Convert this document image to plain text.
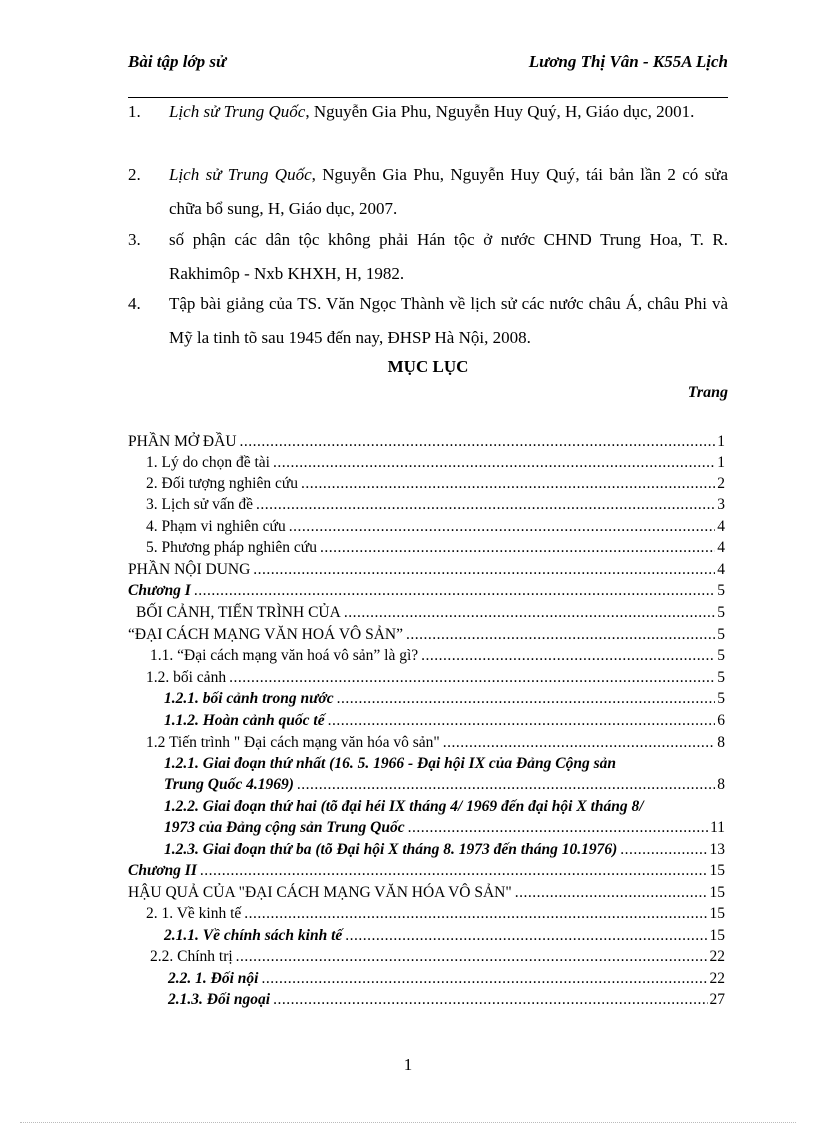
Bài tập lớp sử	Lương Thị Vân - K55A Lịch
1. Lịch sử Trung Quốc, Nguyễn Gia Phu, Nguyễn Huy Quý, H, Giáo dục, 2001.
2. Lịch sử Trung Quốc, Nguyễn Gia Phu, Nguyễn Huy Quý, tái bản lần 2 có sửa chữa bổ sung, H, Giáo dục, 2007.
3. số phận các dân tộc không phải Hán tộc ở nước CHND Trung Hoa, T. R. Rakhimôp - Nxb KHXH, H, 1982.
4. Tập bài giảng của TS. Văn Ngọc Thành về lịch sử các nước châu Á, châu Phi và Mỹ la tinh tõ sau 1945 đến nay, ĐHSP Hà Nội, 2008.
MỤC LỤC
Trang
PHẦN MỞ ĐẦU .....	1
1. Lý do chọn đề tài .....	1
2. Đối tượng nghiên cứu .....	2
3. Lịch sử vấn đề .....	3
4. Phạm vi nghiên cứu .....	4
5. Phương pháp nghiên cứu .....	4
PHẦN NỘI DUNG .....	4
Chương I .....	5
BỐI CẢNH, TIẾN TRÌNH CỦA .....	5
“ĐẠI CÁCH MẠNG VĂN HOÁ VÔ SẢN” .....	5
1.1. “Đại cách mạng văn hoá vô sản” là gì? .....	5
1.2. bối cảnh .....	5
1.2.1. bối cảnh trong nước .....	5
1.1.2. Hoàn cảnh quốc tế .....	6
1.2 Tiến trình " Đại cách mạng văn hóa vô sản" .....	8
1.2.1. Giai đoạn thứ nhất (16. 5. 1966 - Đại hội IX của Đảng Cộng sản
Trung Quốc 4.1969) .....	8
1.2.2. Giai đoạn thứ hai (tõ đại héi IX tháng 4/ 1969 đến đại hội X tháng 8/
1973 của Đảng cộng sản Trung Quốc .....	11
1.2.3. Giai đoạn thứ ba (tõ Đại hội X tháng 8. 1973 đến tháng 10.1976) .....	13
Chương II .....	15
HẬU QUẢ CỦA "ĐẠI CÁCH MẠNG VĂN HÓA VÔ SẢN" .....	15
2. 1. Về kinh tế .....	15
2.1.1. Về chính sách kinh tế .....	15
2.2. Chính trị .....	22
2.2. 1. Đối nội .....	22
2.1.3. Đối ngoại .....	27
1
